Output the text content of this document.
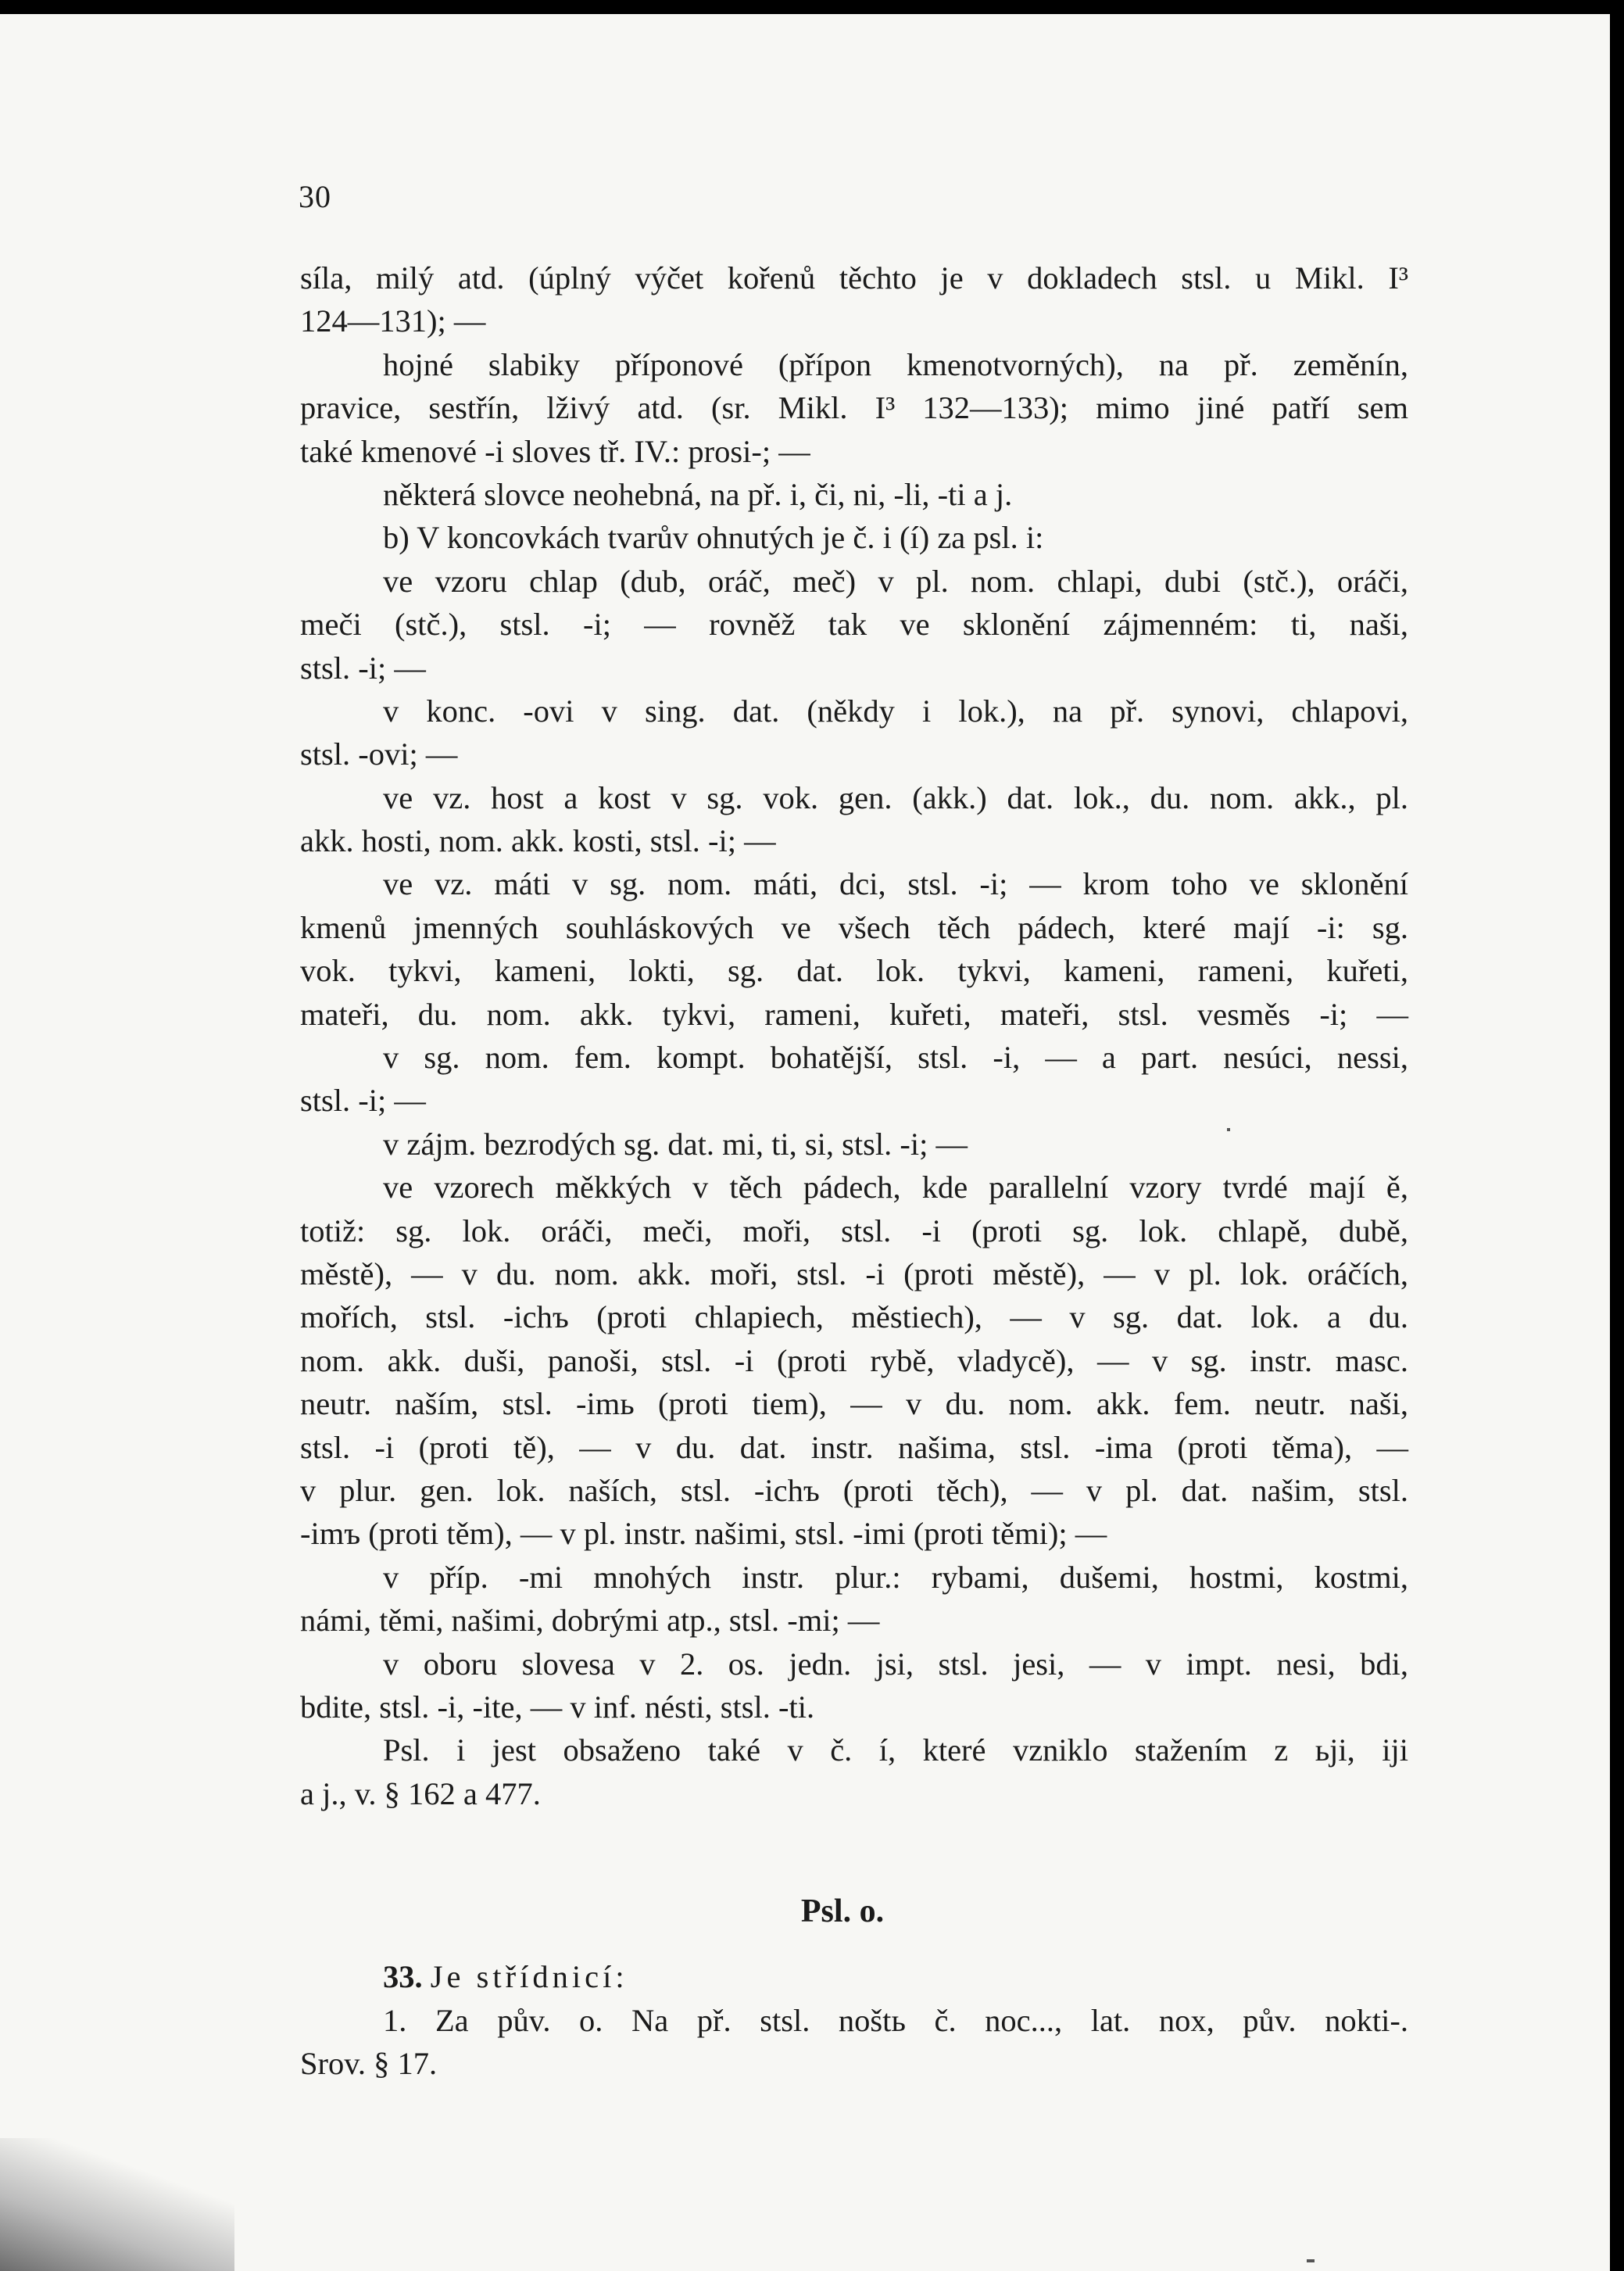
30
síla, milý atd. (úplný výčet kořenů těchto je v dokladech stsl. u Mikl. I³
124—131); —
hojné slabiky příponové (přípon kmenotvorných), na př. zeměnín,
pravice, sestřín, lživý atd. (sr. Mikl. I³ 132—133); mimo jiné patří sem
také kmenové -i sloves tř. IV.: prosi-; —
některá slovce neohebná, na př. i, či, ni, -li, -ti a j.
b) V koncovkách tvarův ohnutých je č. i (í) za psl. i:
ve vzoru chlap (dub, oráč, meč) v pl. nom. chlapi, dubi (stč.), oráči,
meči (stč.), stsl. -i; — rovněž tak ve sklonění zájmenném: ti, naši,
stsl. -i; —
v konc. -ovi v sing. dat. (někdy i lok.), na př. synovi, chlapovi,
stsl. -ovi; —
ve vz. host a kost v sg. vok. gen. (akk.) dat. lok., du. nom. akk., pl.
akk. hosti, nom. akk. kosti, stsl. -i; —
ve vz. máti v sg. nom. máti, dci, stsl. -i; — krom toho ve sklonění
kmenů jmenných souhláskových ve všech těch pádech, které mají -i: sg.
vok. tykvi, kameni, lokti, sg. dat. lok. tykvi, kameni, rameni, kuřeti,
mateři, du. nom. akk. tykvi, rameni, kuřeti, mateři, stsl. vesměs -i; —
v sg. nom. fem. kompt. bohatější, stsl. -i, — a part. nesúci, nessi,
stsl. -i; —
v zájm. bezrodých sg. dat. mi, ti, si, stsl. -i; —
ve vzorech měkkých v těch pádech, kde parallelní vzory tvrdé mají ě,
totiž: sg. lok. oráči, meči, moři, stsl. -i (proti sg. lok. chlapě, dubě,
městě), — v du. nom. akk. moři, stsl. -i (proti městě), — v pl. lok. oráčích,
mořích, stsl. -ichъ (proti chlapiech, městiech), — v sg. dat. lok. a du.
nom. akk. duši, panoši, stsl. -i (proti rybě, vladycě), — v sg. instr. masc.
neutr. naším, stsl. -imь (proti tiem), — v du. nom. akk. fem. neutr. naši,
stsl. -i (proti tě), — v du. dat. instr. našima, stsl. -ima (proti těma), —
v plur. gen. lok. naších, stsl. -ichъ (proti těch), — v pl. dat. našim, stsl.
-imъ (proti těm), — v pl. instr. našimi, stsl. -imi (proti těmi); —
v příp. -mi mnohých instr. plur.: rybami, dušemi, hostmi, kostmi,
námi, těmi, našimi, dobrými atp., stsl. -mi; —
v oboru slovesa v 2. os. jedn. jsi, stsl. jesi, — v impt. nesi, bdi,
bdite, stsl. -i, -ite, — v inf. nésti, stsl. -ti.
Psl. i jest obsaženo také v č. í, které vzniklo stažením z ьji, iji
a j., v. § 162 a 477.
Psl. o.
33. Je střídnicí:
1. Za pův. o. Na př. stsl. noštь č. noc..., lat. nox, pův. nokti-.
Srov. § 17.
